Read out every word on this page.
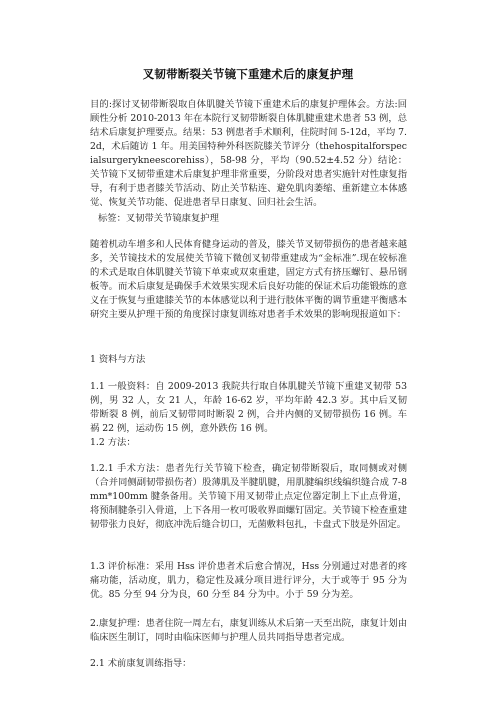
叉韧带断裂关节镜下重建术后的康复护理

目的:探讨叉韧带断裂取自体肌腱关节镜下重建术后的康复护理体会。方法:回顾性分析 2010-2013 年在本院行叉韧带断裂自体肌腱重建术患者 53 例，总结术后康复护理要点。结果：53 例患者手术顺利，住院时间 5-12d，平均 7.2d，术后随访 1 年。用美国特种外科医院膝关节评分（thehospitalforspecialsurgerykneescorehiss），58-98 分，平均（90.52±4.52 分）结论：关节镜下叉韧带重建术后康复护理非常重要，分阶段对患者实施针对性康复指导，有利于患者膝关节活动、防止关节粘连、避免肌肉萎缩、重新建立本体感觉、恢复关节功能、促进患者早日康复、回归社会生活。

标签：叉韧带关节镜康复护理

随着机动车增多和人民体育健身运动的普及，膝关节叉韧带损伤的患者越来越多，关节镜技术的发展使关节镜下微创叉韧带重建成为“金标准”.现在较标准的术式是取自体肌腱关节镜下单束或双束重建，固定方式有挤压螺钉、悬吊钢板等。而术后康复是确保手术效果实现术后良好功能的保证术后功能锻炼的意义在于恢复与重建膝关节的本体感觉以利于进行肢体平衡的调节重建平衡感本研究主要从护理干预的角度探讨康复训练对患者手术效果的影响现报道如下：

1 资料与方法

1.1 一般资料：自 2009-2013 我院共行取自体肌腱关节镜下重建叉韧带 53 例，男 32 人，女 21 人，年龄 16-62 岁，平均年龄 42.3 岁。其中后叉韧带断裂 8 例，前后叉韧带同时断裂 2 例，合并内侧的叉韧带损伤 16 例。车祸 22 例，运动伤 15 例，意外跌伤 16 例。

1.2 方法：

1.2.1 手术方法：患者先行关节镜下检查，确定韧带断裂后，取同侧或对侧（合并同侧副韧带损伤者）股薄肌及半腱肌腱，用肌腱编织线编织缝合成 7-8mm*100mm 腱条备用。关节镜下用叉韧带止点定位器定制上下止点骨道，将预制腱条引入骨道，上下各用一枚可吸收界面螺钉固定。关节镜下检查重建韧带张力良好，彻底冲洗后缝合切口，无菌敷料包扎，卡盘式下肢是外固定。

1.3 评价标准：采用 Hss 评价患者术后愈合情况，Hss 分别通过对患者的疼痛功能，活动度，肌力，稳定性及减分项目进行评分，大于或等于 95 分为优。85 分至 94 分为良，60 分至 84 分为中。小于 59 分为差。

2.康复护理：患者住院一周左右，康复训练从术后第一天至出院，康复计划由临床医生制订，同时由临床医师与护理人员共同指导患者完成。

2.1 术前康复训练指导：
